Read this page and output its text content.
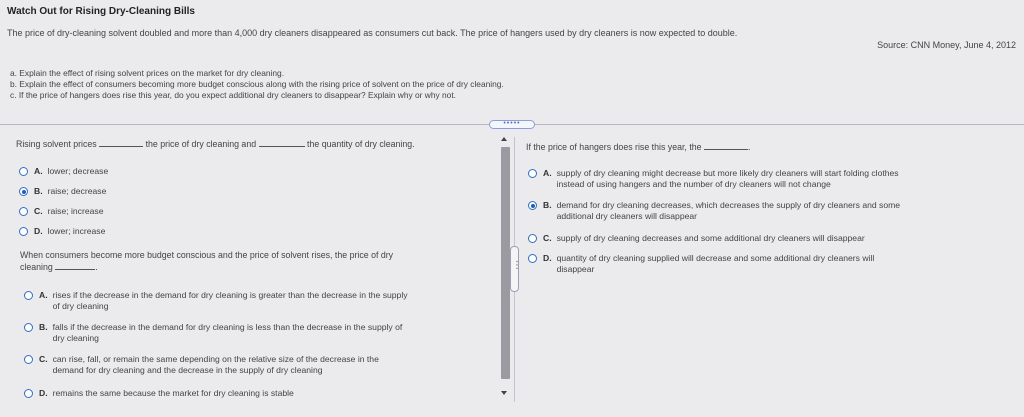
Watch Out for Rising Dry-Cleaning Bills
The price of dry-cleaning solvent doubled and more than 4,000 dry cleaners disappeared as consumers cut back. The price of hangers used by dry cleaners is now expected to double.
Source: CNN Money, June 4, 2012
a. Explain the effect of rising solvent prices on the market for dry cleaning.
b. Explain the effect of consumers becoming more budget conscious along with the rising price of solvent on the price of dry cleaning.
c. If the price of hangers does rise this year, do you expect additional dry cleaners to disappear? Explain why or why not.
•••••
Rising solvent prices	the price of dry cleaning and	the quantity of dry cleaning.
A. lower; decrease
B. raise; decrease
C. raise; increase
D. lower; increase
When consumers become more budget conscious and the price of solvent rises, the price of dry
cleaning	.
A. rises if the decrease in the demand for dry cleaning is greater than the decrease in the supply
of dry cleaning
B. falls if the decrease in the demand for dry cleaning is less than the decrease in the supply of
dry cleaning
C. can rise, fall, or remain the same depending on the relative size of the decrease in the
demand for dry cleaning and the decrease in the supply of dry cleaning
D. remains the same because the market for dry cleaning is stable
⋮
If the price of hangers does rise this year, the	.
A. supply of dry cleaning might decrease but more likely dry cleaners will start folding clothes
instead of using hangers and the number of dry cleaners will not change
B. demand for dry cleaning decreases, which decreases the supply of dry cleaners and some
additional dry cleaners will disappear
C. supply of dry cleaning decreases and some additional dry cleaners will disappear
D. quantity of dry cleaning supplied will decrease and some additional dry cleaners will
disappear
